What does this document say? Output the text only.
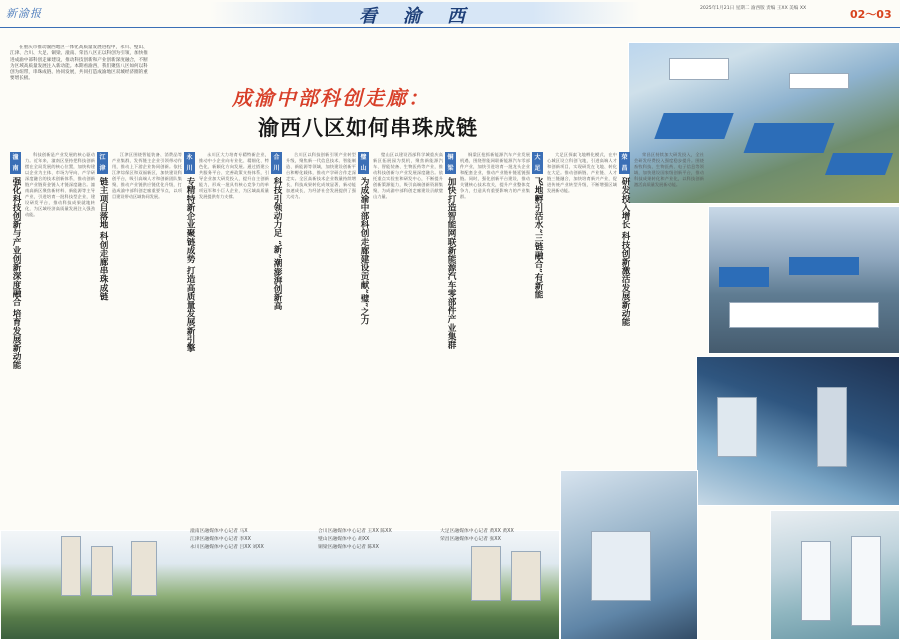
新渝报	看渝西	2025年1月21日 星期二 渝西版 责编 王XX 美编 XX	02～03
在重庆市推动渝西地区一体化高质量发展进程中，永川、璧山、江津、合川、大足、铜梁、潼南、荣昌八区正以科创为引领，加快推进成渝中部科创走廊建设，推动科技创新和产业创新深度融合，不断为区域高质量发展注入新动能。本期看渝西，我们聚焦八区如何以科创为纽带，串珠成链、协同发展，共同打造成渝地区双城经济圈的重要增长极。
成渝中部科创走廊：
渝西八区如何串珠成链
潼南
强化科技创新与产业创新深度融合 培育发展新动能
科技创新是产业发展的核心驱动力。近年来，潼南区坚持把科技创新摆在全局发展的核心位置，加快构建以企业为主体、市场为导向、产学研深度融合的技术创新体系，推动创新链产业链资金链人才链深度融合。潼南高新区聚焦新材料、新能源等主导产业，引进培育一批科技型企业，建设研发平台，推动科技成果就地转化，为区域经济高质量发展注入强劲动能。
江津
链主项目落地 科创走廊串珠成链
江津区围绕智能装备、消费品等产业集群，发挥链主企业引领带动作用，推动上下游企业协同创新。依托江津综保区和双福新区，加快建设科创平台，吸引高端人才和创新团队集聚，推动产业链供应链优化升级，打造成渝中部科创走廊重要节点，以项目建设带动区域协同发展。
永川
专精特新企业聚链成势 打造高质量发展新引擎
永川区大力培育专精特新企业，推动中小企业向专业化、精细化、特色化、新颖化方向发展。通过搭建公共服务平台、完善政策支持体系，引导企业加大研发投入，提升自主创新能力，形成一批具有核心竞争力的单项冠军和小巨人企业，为区域高质量发展提供有力支撑。
合川
科技引领动力足 “新”潮澎湃创新高
合川区以科技创新引领产业转型升级，聚焦新一代信息技术、智能制造、新能源等领域，加快建设创新平台和孵化载体，推动产学研合作走深走实。全区高新技术企业数量持续增长，科技成果转化成效显著，新动能加速成长，为经济社会发展提供了强大动力。
璧山
为成渝中部科创走廊建设贡献“璧”之力
璧山区以建设西部科学城重庆高新区拓展园为契机，聚焦新能源汽车、智能装备、生物医药等产业，推动科技创新与产业发展深度融合。依托重点实验室和研发中心，不断提升创新策源能力，吸引高端创新资源集聚，为成渝中部科创走廊建设贡献璧山力量。
铜梁
加快打造智能网联新能源汽车零部件产业集群
铜梁区抢抓新能源汽车产业发展机遇，围绕智能网联新能源汽车零部件产业，加快引进培育一批龙头企业和配套企业，推动产业链补链延链强链。同时，强化创新平台建设，推动关键核心技术攻关，提升产业整体竞争力，打造具有重要影响力的产业集群。
大足
飞地孵引活水“三链融合”有新能
大足区探索飞地孵化模式，在中心城区设立科创飞地，引进高端人才和创新项目，实现研发在飞地、转化在大足。推动创新链、产业链、人才链三链融合，加快培育新兴产业，促进传统产业转型升级，不断增强区域发展新动能。
荣昌
研发投入增长 科技创新激活发展新动能
荣昌区持续加大研发投入，全社会研发经费投入强度稳步提升。围绕畜牧科技、生物医药、电子信息等领域，加快建设国家级创新平台，推动科技成果转化和产业化，以科技创新激活高质量发展新动能。
潼南区融媒体中心记者 马X
江津区融媒体中心记者 李XX
永川区融媒体中心记者 吕XX 刘XX
合川区融媒体中心记者 王XX 陈XX
璧山区融媒体中心 胡XX
铜梁区融媒体中心记者 陈XX
大足区融媒体中心记者 黄XX 黄XX
荣昌区融媒体中心记者 张XX
